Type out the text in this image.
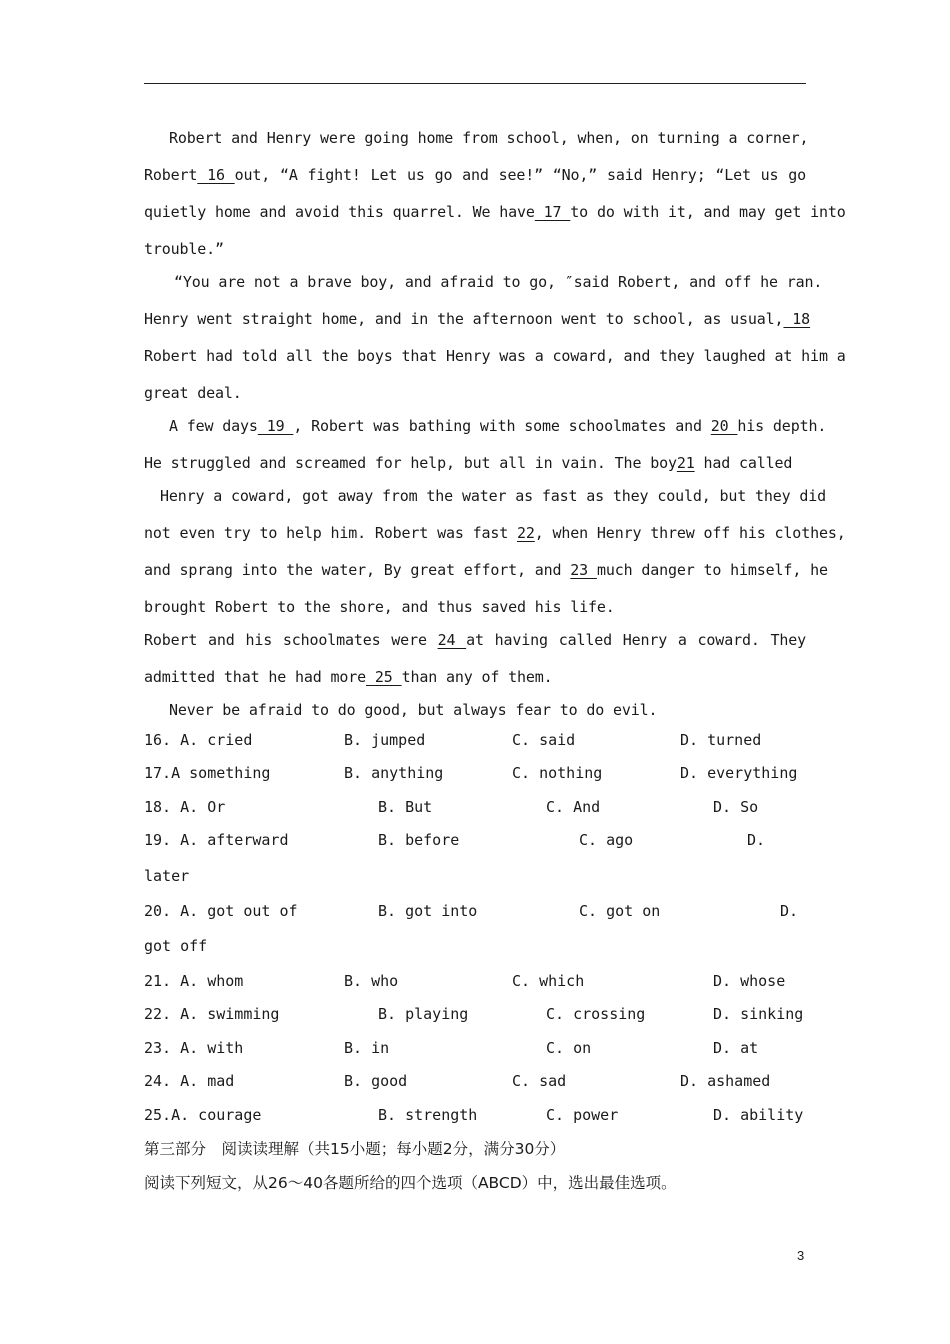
Robert and Henry were going home from school, when, on turning a corner,
Robert 16 out, “A fight! Let us go and see!” “No,” said Henry; “Let us go
quietly home and avoid this quarrel. We have 17 to do with it, and may get into
trouble.”
“You are not a brave boy, and afraid to go, ″said Robert, and off he ran.
Henry went straight home, and in the afternoon went to school, as usual, 18
Robert had told all the boys that Henry was a coward, and they laughed at him a
great deal.
A few days 19 , Robert was bathing with some schoolmates and 20 his depth.
He struggled and screamed for help, but all in vain. The boy21 had called
Henry a coward, got away from the water as fast as they could, but they did
not even try to help him. Robert was fast 22, when Henry threw off his clothes,
and sprang into the water, By great effort, and 23 much danger to himself, he
brought Robert to the shore, and thus saved his life.
Robert and his schoolmates were 24 at having called Henry a coward. They
admitted that he had more 25 than any of them.
Never be afraid to do good, but always fear to do evil.
16. A. cried	B. jumped	C. said	D. turned
17.A something	B. anything	C. nothing	D. everything
18. A. Or	B. But	C. And	D. So
19. A. afterward	B. before	C. ago	D.
later
20. A. got out of	B. got into	C. got on	D.
got off
21. A. whom	B. who	C. which	D. whose
22. A. swimming	B. playing	C. crossing	D. sinking
23. A. with	B. in	C. on	D. at
24. A. mad	B. good	C. sad	D. ashamed
25.A. courage	B. strength	C. power	D. ability
第三部分　阅读读理解（共15小题；每小题2分，满分30分）
阅读下列短文，从26～40各题所给的四个选项（ABCD）中，选出最佳选项。
3
